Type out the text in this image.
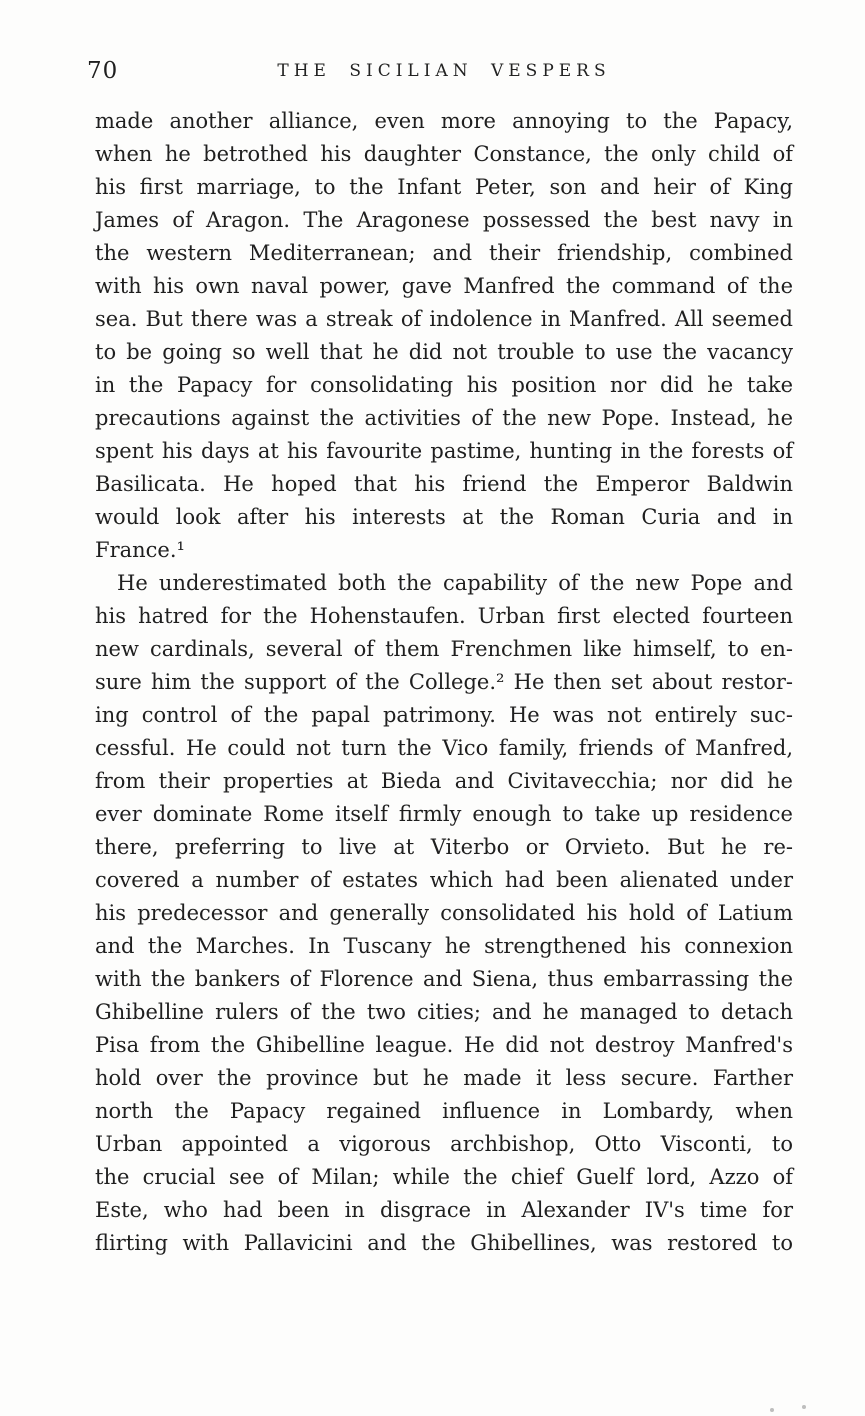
70	THE SICILIAN VESPERS
made another alliance, even more annoying to the Papacy,
when he betrothed his daughter Constance, the only child of
his first marriage, to the Infant Peter, son and heir of King
James of Aragon. The Aragonese possessed the best navy in
the western Mediterranean; and their friendship, combined
with his own naval power, gave Manfred the command of the
sea. But there was a streak of indolence in Manfred. All seemed
to be going so well that he did not trouble to use the vacancy
in the Papacy for consolidating his position nor did he take
precautions against the activities of the new Pope. Instead, he
spent his days at his favourite pastime, hunting in the forests of
Basilicata. He hoped that his friend the Emperor Baldwin
would look after his interests at the Roman Curia and in
France.¹
He underestimated both the capability of the new Pope and
his hatred for the Hohenstaufen. Urban first elected fourteen
new cardinals, several of them Frenchmen like himself, to en-
sure him the support of the College.² He then set about restor-
ing control of the papal patrimony. He was not entirely suc-
cessful. He could not turn the Vico family, friends of Manfred,
from their properties at Bieda and Civitavecchia; nor did he
ever dominate Rome itself firmly enough to take up residence
there, preferring to live at Viterbo or Orvieto. But he re-
covered a number of estates which had been alienated under
his predecessor and generally consolidated his hold of Latium
and the Marches. In Tuscany he strengthened his connexion
with the bankers of Florence and Siena, thus embarrassing the
Ghibelline rulers of the two cities; and he managed to detach
Pisa from the Ghibelline league. He did not destroy Manfred's
hold over the province but he made it less secure. Farther
north the Papacy regained influence in Lombardy, when
Urban appointed a vigorous archbishop, Otto Visconti, to
the crucial see of Milan; while the chief Guelf lord, Azzo of
Este, who had been in disgrace in Alexander IV's time for
flirting with Pallavicini and the Ghibellines, was restored to
